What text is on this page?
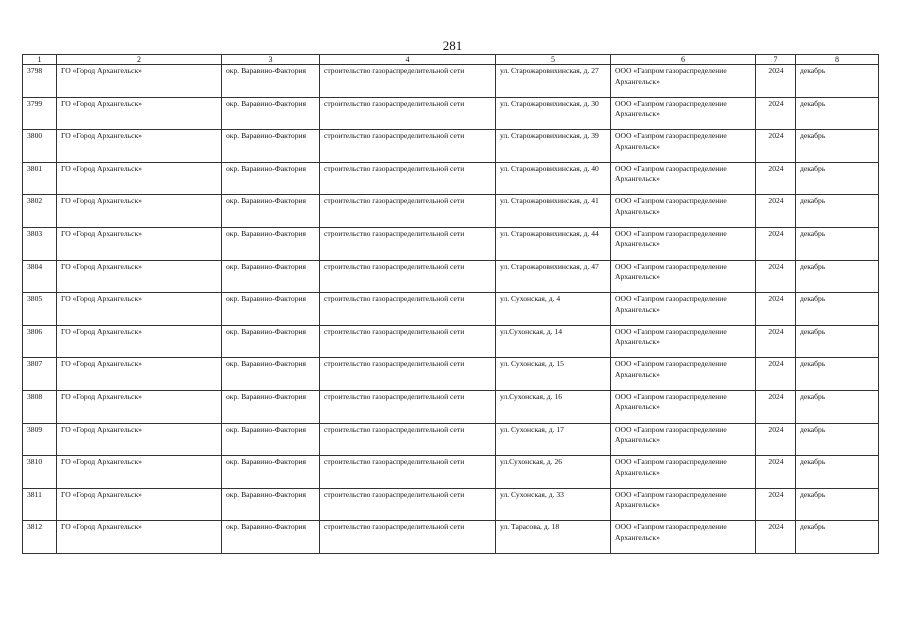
281
1	2	3	4	5	6	7	8

3798	ГО «Город Архангельск»	окр. Варавино-Фактория	строительство газораспределительной сети	ул. Старожаровихинская, д. 27	ООО «Газпром газораспределение Архангельск»	2024	декабрь

3799	ГО «Город Архангельск»	окр. Варавино-Фактория	строительство газораспределительной сети	ул. Старожаровихинская, д. 30	ООО «Газпром газораспределение Архангельск»	2024	декабрь

3800	ГО «Город Архангельск»	окр. Варавино-Фактория	строительство газораспределительной сети	ул. Старожаровихинская, д. 39	ООО «Газпром газораспределение Архангельск»	2024	декабрь

3801	ГО «Город Архангельск»	окр. Варавино-Фактория	строительство газораспределительной сети	ул. Старожаровихинская, д. 40	ООО «Газпром газораспределение Архангельск»	2024	декабрь

3802	ГО «Город Архангельск»	окр. Варавино-Фактория	строительство газораспределительной сети	ул. Старожаровихинская, д. 41	ООО «Газпром газораспределение Архангельск»	2024	декабрь

3803	ГО «Город Архангельск»	окр. Варавино-Фактория	строительство газораспределительной сети	ул. Старожаровихинская, д. 44	ООО «Газпром газораспределение Архангельск»	2024	декабрь

3804	ГО «Город Архангельск»	окр. Варавино-Фактория	строительство газораспределительной сети	ул. Старожаровихинская, д. 47	ООО «Газпром газораспределение Архангельск»	2024	декабрь

3805	ГО «Город Архангельск»	окр. Варавино-Фактория	строительство газораспределительной сети	ул. Сухонская, д. 4	ООО «Газпром газораспределение Архангельск»	2024	декабрь

3806	ГО «Город Архангельск»	окр. Варавино-Фактория	строительство газораспределительной сети	ул.Сухонская, д. 14	ООО «Газпром газораспределение Архангельск»	2024	декабрь

3807	ГО «Город Архангельск»	окр. Варавино-Фактория	строительство газораспределительной сети	ул. Сухонская, д. 15	ООО «Газпром газораспределение Архангельск»	2024	декабрь

3808	ГО «Город Архангельск»	окр. Варавино-Фактория	строительство газораспределительной сети	ул.Сухонская, д. 16	ООО «Газпром газораспределение Архангельск»	2024	декабрь

3809	ГО «Город Архангельск»	окр. Варавино-Фактория	строительство газораспределительной сети	ул. Сухонская, д. 17	ООО «Газпром газораспределение Архангельск»	2024	декабрь

3810	ГО «Город Архангельск»	окр. Варавино-Фактория	строительство газораспределительной сети	ул.Сухонская, д. 26	ООО «Газпром газораспределение Архангельск»	2024	декабрь

3811	ГО «Город Архангельск»	окр. Варавино-Фактория	строительство газораспределительной сети	ул. Сухонская, д. 33	ООО «Газпром газораспределение Архангельск»	2024	декабрь

3812	ГО «Город Архангельск»	окр. Варавино-Фактория	строительство газораспределительной сети	ул. Тарасова, д. 18	ООО «Газпром газораспределение Архангельск»	2024	декабрь
